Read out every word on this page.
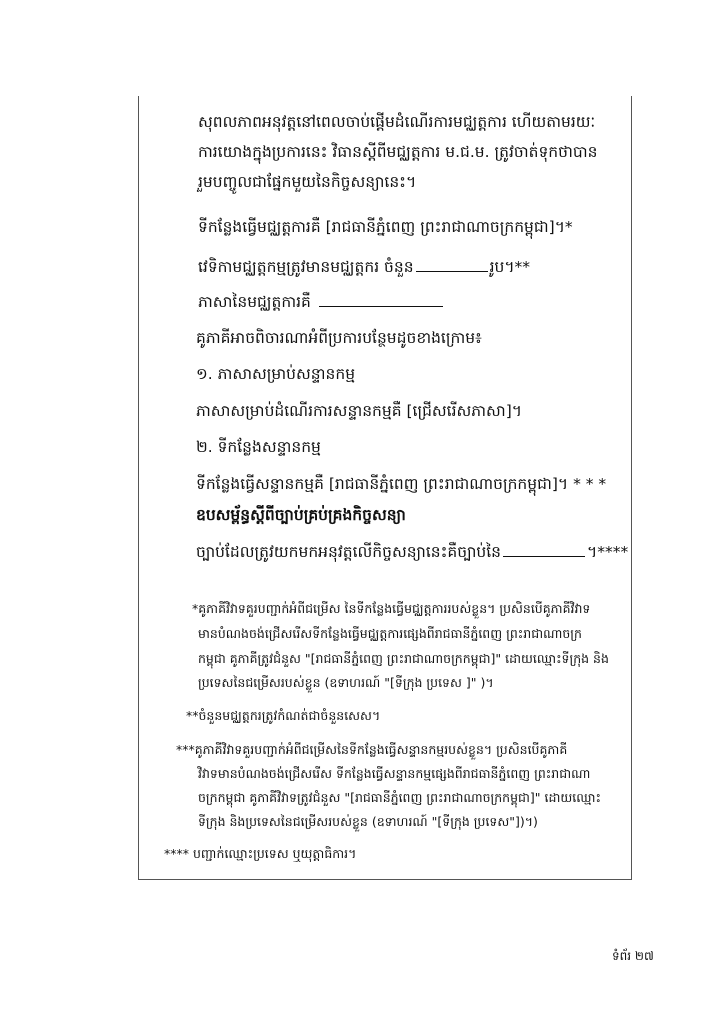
សុពលភាពអនុវត្តនៅពេលចាប់ផ្តើមដំណើរការមជ្ឈត្តការ ហើយតាមរយៈ
ការយោងក្នុងប្រការនេះ វិធានស្តីពីមជ្ឈត្តការ ម.ជ.ម. ត្រូវចាត់ទុកថាបាន
រួមបញ្ចូលជាផ្នែកមួយនៃកិច្ចសន្យានេះ។
ទីកន្លែងធ្វើមជ្ឈត្តការគឺ [រាជធានីភ្នំពេញ ព្រះរាជាណាចក្រកម្ពុជា]។*
វេទិកាមជ្ឈត្តកម្មត្រូវមានមជ្ឈត្តករ ចំនួន	រូប។**
ភាសានៃមជ្ឈត្តការគឺ
គូភាគីអាចពិចារណាអំពីប្រការបន្ថែមដូចខាងក្រោម៖
១. ភាសាសម្រាប់សន្ទានកម្ម
ភាសាសម្រាប់ដំណើរការសន្ទានកម្មគឺ [ជ្រើសរើសភាសា]។
២. ទីកន្លែងសន្ទានកម្ម
ទីកន្លែងធ្វើសន្ទានកម្មគឺ [រាជធានីភ្នំពេញ ព្រះរាជាណាចក្រកម្ពុជា]។ * * *
ឧបសម្ព័ន្ធស្តីពីច្បាប់គ្រប់គ្រងកិច្ចសន្យា
ច្បាប់ដែលត្រូវយកមកអនុវត្តលើកិច្ចសន្យានេះគឺច្បាប់នៃ	។****
*គូភាគីវិវាទគួរបញ្ជាក់អំពីជម្រើស នៃទីកន្លែងធ្វើមជ្ឈត្តការរបស់ខ្លួន។ ប្រសិនបើគូភាគីវិវាទ
មានបំណងចង់ជ្រើសរើសទីកន្លែងធ្វើមជ្ឈត្តការផ្សេងពីរាជធានីភ្នំពេញ ព្រះរាជាណាចក្រ
កម្ពុជា គូភាគីត្រូវជំនួស "[រាជធានីភ្នំពេញ ព្រះរាជាណាចក្រកម្ពុជា]" ដោយឈ្មោះទីក្រុង និង
ប្រទេសនៃជម្រើសរបស់ខ្លួន (ឧទាហរណ៍ "[ទីក្រុង ប្រទេស ]" )។
**ចំនួនមជ្ឈត្តករត្រូវកំណត់ជាចំនួនសេស។
***គូភាគីវិវាទគួរបញ្ជាក់អំពីជម្រើសនៃទីកន្លែងធ្វើសន្ទានកម្មរបស់ខ្លួន។ ប្រសិនបើគូភាគី
វិវាទមានបំណងចង់ជ្រើសរើស ទីកន្លែងធ្វើសន្ទានកម្មផ្សេងពីរាជធានីភ្នំពេញ ព្រះរាជាណា
ចក្រកម្ពុជា គូភាគីវិវាទត្រូវជំនួស "[រាជធានីភ្នំពេញ ព្រះរាជាណាចក្រកម្ពុជា]" ដោយឈ្មោះ
ទីក្រុង និងប្រទេសនៃជម្រើសរបស់ខ្លួន (ឧទាហរណ៍ "[ទីក្រុង ប្រទេស"])។)
**** បញ្ជាក់ឈ្មោះប្រទេស ឬយុត្តាធិការ។
ទំព័រ ២៧
